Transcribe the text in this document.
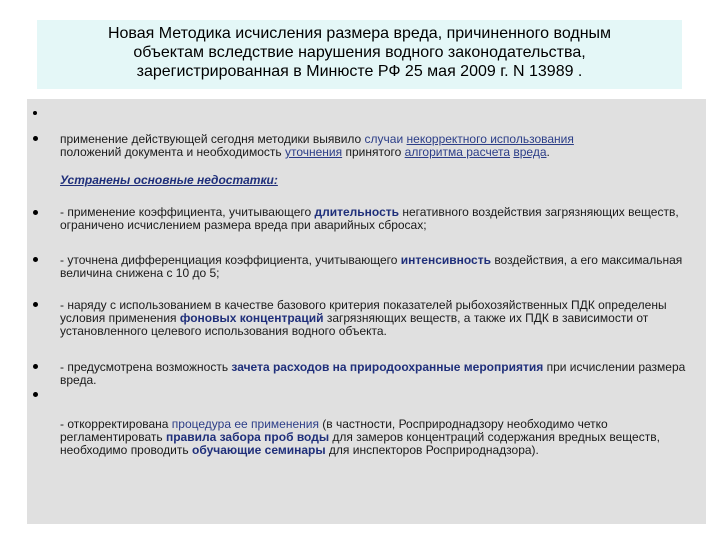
Новая Методика исчисления размера вреда, причиненного водным
объектам вследствие нарушения водного законодательства,
зарегистрированная в Минюсте РФ 25 мая 2009 г. N 13989 .
применение действующей сегодня методики выявило случаи некорректного использования
положений документа и необходимость уточнения принятого алгоритма расчета вреда.
Устранены основные недостатки:
- применение коэффициента, учитывающего длительность негативного воздействия загрязняющих веществ, ограничено исчислением размера вреда при аварийных сбросах;
- уточнена дифференциация коэффициента, учитывающего интенсивность воздействия, а его максимальная величина снижена с 10 до 5;
- наряду с использованием в качестве базового критерия показателей рыбохозяйственных ПДК определены условия применения фоновых концентраций загрязняющих веществ, а также их ПДК в зависимости от установленного целевого использования водного объекта.
- предусмотрена возможность зачета расходов на природоохранные мероприятия при исчислении размера вреда.
- откорректирована процедура ее применения (в частности, Росприроднадзору необходимо четко регламентировать правила забора проб воды для замеров концентраций содержания вредных веществ, необходимо проводить обучающие семинары для инспекторов Росприроднадзора).
